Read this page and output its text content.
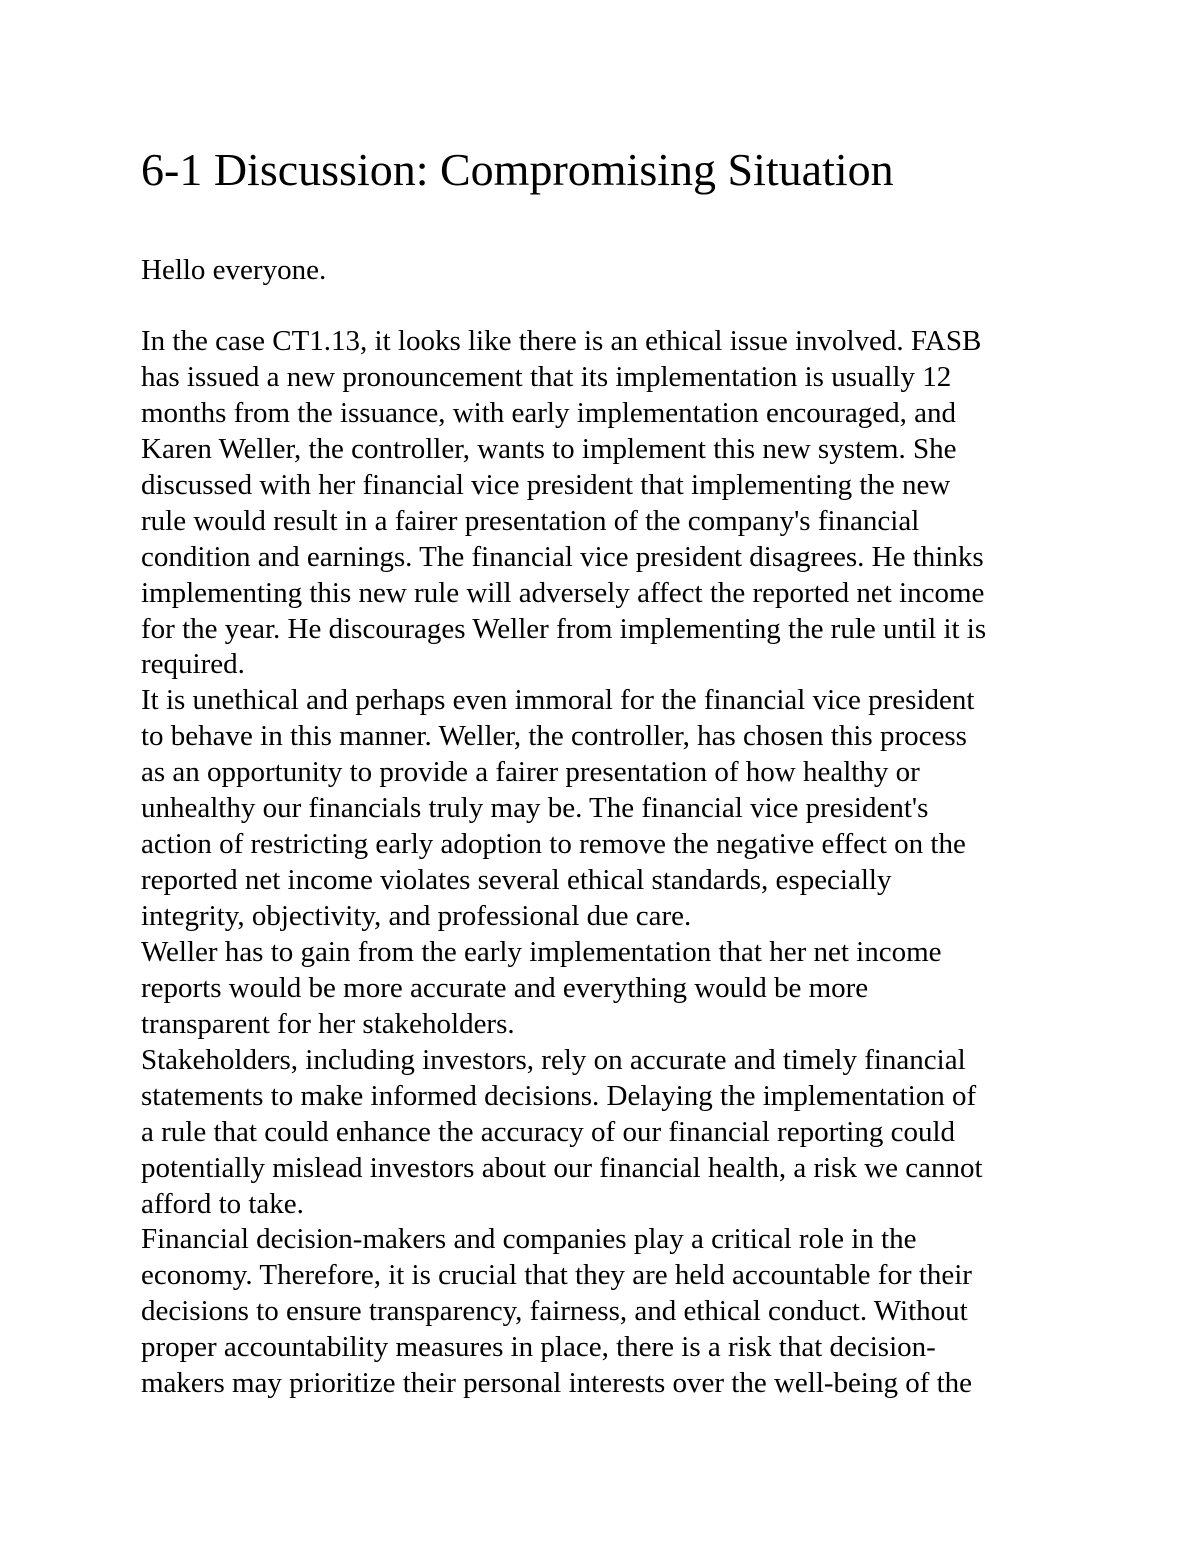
6-1 Discussion: Compromising Situation

Hello everyone.

In the case CT1.13, it looks like there is an ethical issue involved. FASB
has issued a new pronouncement that its implementation is usually 12
months from the issuance, with early implementation encouraged, and
Karen Weller, the controller, wants to implement this new system. She
discussed with her financial vice president that implementing the new
rule would result in a fairer presentation of the company's financial
condition and earnings. The financial vice president disagrees. He thinks
implementing this new rule will adversely affect the reported net income
for the year. He discourages Weller from implementing the rule until it is
required.
It is unethical and perhaps even immoral for the financial vice president
to behave in this manner. Weller, the controller, has chosen this process
as an opportunity to provide a fairer presentation of how healthy or
unhealthy our financials truly may be. The financial vice president's
action of restricting early adoption to remove the negative effect on the
reported net income violates several ethical standards, especially
integrity, objectivity, and professional due care.
Weller has to gain from the early implementation that her net income
reports would be more accurate and everything would be more
transparent for her stakeholders.
Stakeholders, including investors, rely on accurate and timely financial
statements to make informed decisions. Delaying the implementation of
a rule that could enhance the accuracy of our financial reporting could
potentially mislead investors about our financial health, a risk we cannot
afford to take.
Financial decision-makers and companies play a critical role in the
economy. Therefore, it is crucial that they are held accountable for their
decisions to ensure transparency, fairness, and ethical conduct. Without
proper accountability measures in place, there is a risk that decision-
makers may prioritize their personal interests over the well-being of the
